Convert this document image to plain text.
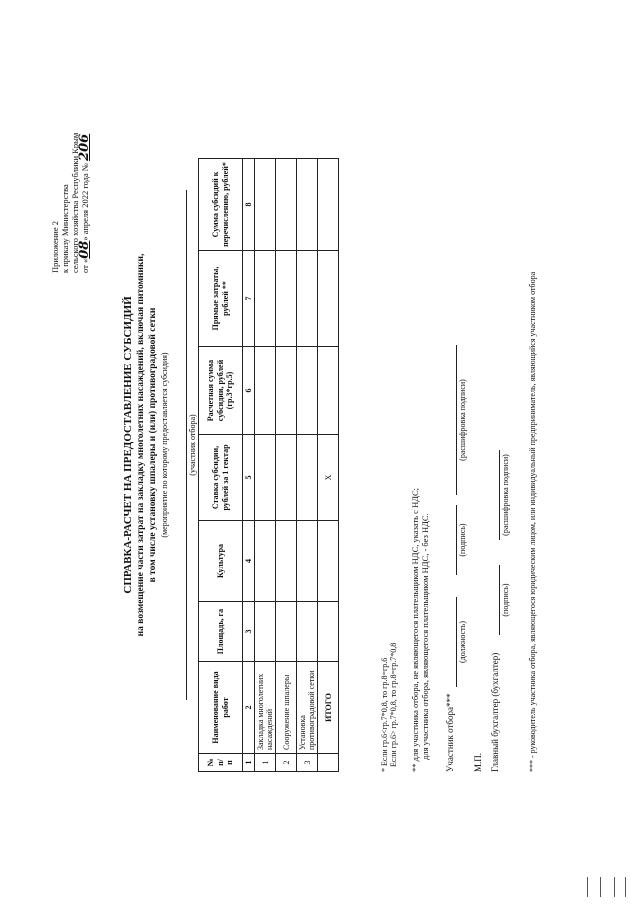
Приложение 2 к приказу Министерства сельского хозяйства Республики Крым от «08» апреля 2022 года № 206
СПРАВКА-РАСЧЕТ НА ПРЕДОСТАВЛЕНИЕ СУБСИДИЙ на возмещение части затрат на закладку многолетних насаждений, включая питомники, в том числе установку шпалеры и (или) противоградовой сетки (мероприятие по которому предоставляется субсидия) (участник отбора)
№ п/п	Наименование вида работ	Площадь, га	Культура	Ставка субсидии, рублей за 1 гектар	Расчетная сумма субсидии, рублей (гр.3*гр.5)	Прямые затраты, рублей **	Сумма субсидий к перечислению, рублей*
1	2	3	4	5	6	7	8
1	Закладка многолетних насаждений						
2	Сооружение шпалеры						
3	Установка противоградовой сетки						
	ИТОГО			X			
* Если гр.6<гр.7*0,8, то гр.8=гр.6 Если гр.6> гр.7*0,8, то гр.8=гр.7*0,8 ** для участника отбора, не являющегося плательщиком НДС, указать с НДС; для участника отбора, являющегося плательщиком НДС, - без НДС. Участник отбора***
(должность)
(подпись)
(расшифровка подписи)
М.П. Главный бухгалтер (бухгалтер)
(подпись)
(расшифровка подписи) *** - руководитель участника отбора, являющегося юридическим лицом, или индивидуальный предприниматель, являющийся участником отбора
